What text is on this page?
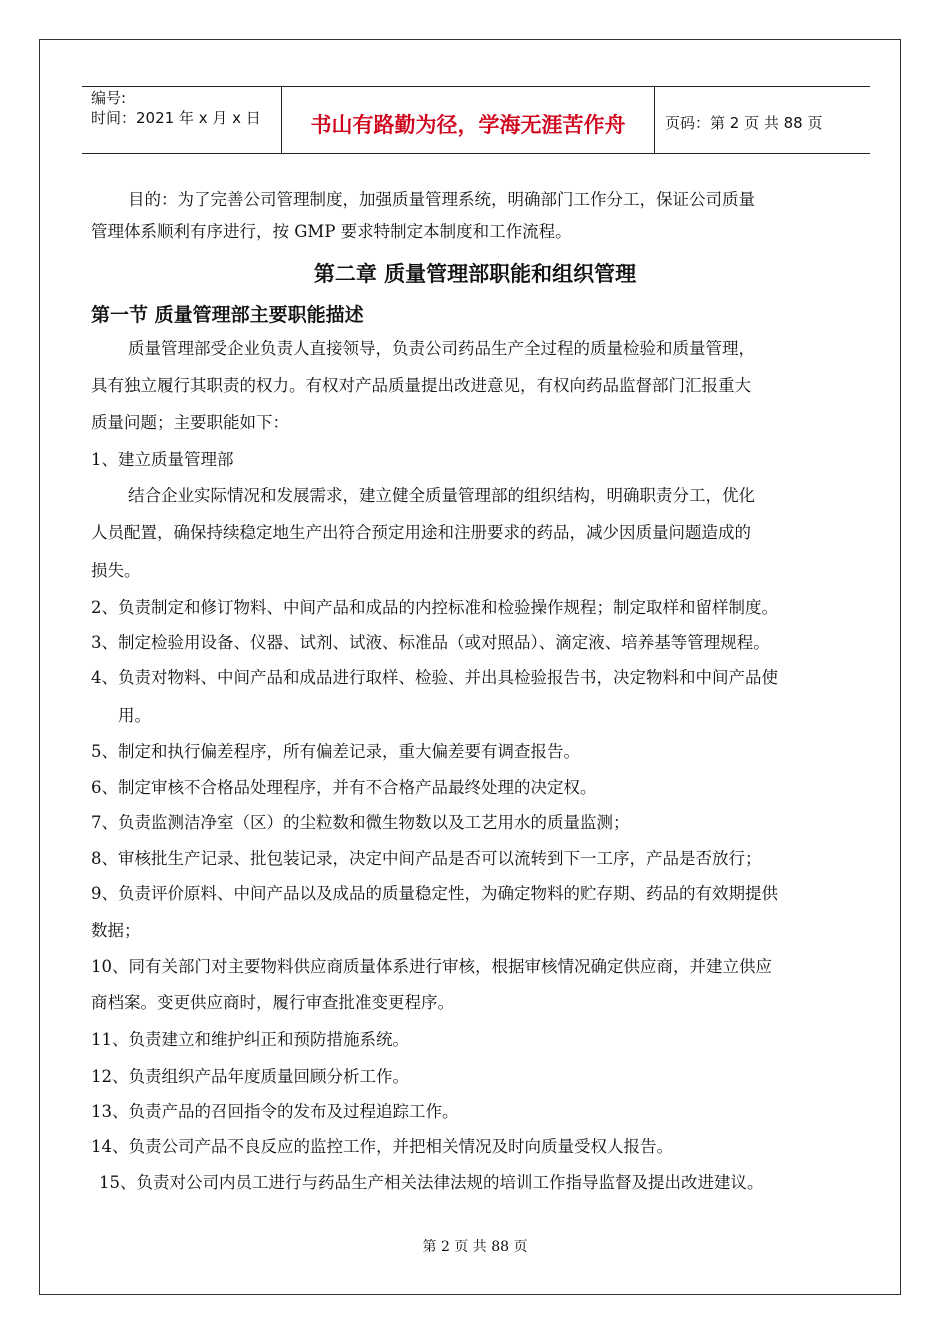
编号:
时间：2021 年 x 月 x 日	书山有路勤为径，学海无涯苦作舟	页码：第 2 页 共 88 页
目的：为了完善公司管理制度，加强质量管理系统，明确部门工作分工，保证公司质量
管理体系顺利有序进行，按 GMP 要求特制定本制度和工作流程。
第二章 质量管理部职能和组织管理
第一节 质量管理部主要职能描述
质量管理部受企业负责人直接领导，负责公司药品生产全过程的质量检验和质量管理，
具有独立履行其职责的权力。有权对产品质量提出改进意见，有权向药品监督部门汇报重大
质量问题；主要职能如下：
1、建立质量管理部
结合企业实际情况和发展需求，建立健全质量管理部的组织结构，明确职责分工，优化
人员配置，确保持续稳定地生产出符合预定用途和注册要求的药品，减少因质量问题造成的
损失。
2、负责制定和修订物料、中间产品和成品的内控标准和检验操作规程；制定取样和留样制度。
3、制定检验用设备、仪器、试剂、试液、标准品（或对照品）、滴定液、培养基等管理规程。
4、负责对物料、中间产品和成品进行取样、检验、并出具检验报告书，决定物料和中间产品使
用。
5、制定和执行偏差程序，所有偏差记录，重大偏差要有调查报告。
6、制定审核不合格品处理程序，并有不合格产品最终处理的决定权。
7、负责监测洁净室（区）的尘粒数和微生物数以及工艺用水的质量监测；
8、审核批生产记录、批包装记录，决定中间产品是否可以流转到下一工序，产品是否放行；
9、负责评价原料、中间产品以及成品的质量稳定性，为确定物料的贮存期、药品的有效期提供
数据；
10、同有关部门对主要物料供应商质量体系进行审核，根据审核情况确定供应商，并建立供应
商档案。变更供应商时，履行审查批准变更程序。
11、负责建立和维护纠正和预防措施系统。
12、负责组织产品年度质量回顾分析工作。
13、负责产品的召回指令的发布及过程追踪工作。
14、负责公司产品不良反应的监控工作，并把相关情况及时向质量受权人报告。
15、负责对公司内员工进行与药品生产相关法律法规的培训工作指导监督及提出改进建议。
第 2 页 共 88 页
